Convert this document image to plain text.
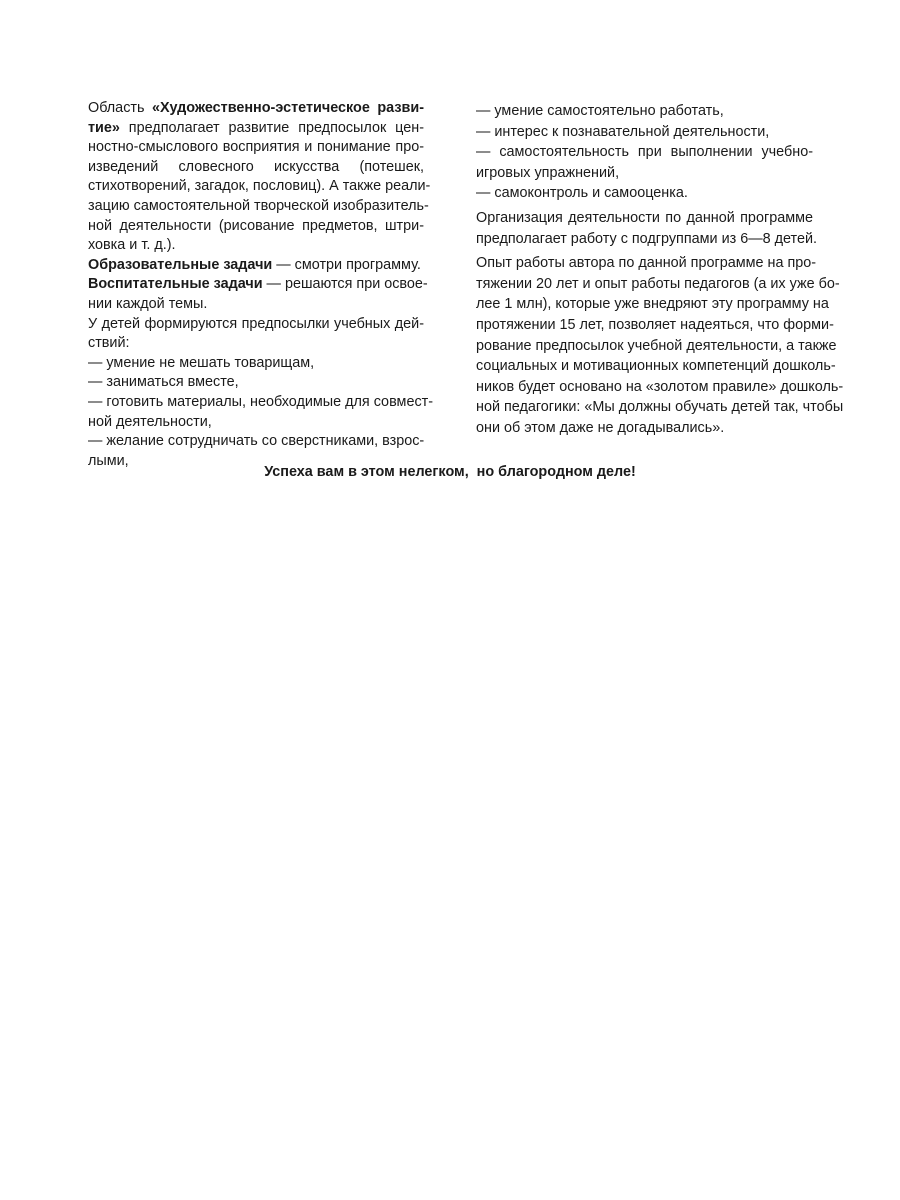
Область «Художественно-эстетическое разви-
тие» предполагает развитие предпосылок цен-
ностно-смыслового восприятия и понимание про-
изведений словесного искусства (потешек,
стихотворений, загадок, пословиц). А также реали-
зацию самостоятельной творческой изобразитель-
ной деятельности (рисование предметов, штри-
ховка и т. д.).
Образовательные задачи — смотри программу.
Воспитательные задачи — решаются при освое-
нии каждой темы.
У детей формируются предпосылки учебных дей-
ствий:
— умение не мешать товарищам,
— заниматься вместе,
— готовить материалы, необходимые для совмест-
ной деятельности,
— желание сотрудничать со сверстниками, взрос-
лыми,
— умение самостоятельно работать,
— интерес к познавательной деятельности,
— самостоятельность при выполнении учебно-
игровых упражнений,
— самоконтроль и самооценка.
Организация деятельности по данной программе
предполагает работу с подгруппами из 6—8 детей.
Опыт работы автора по данной программе на про-
тяжении 20 лет и опыт работы педагогов (а их уже бо-
лее 1 млн), которые уже внедряют эту программу на
протяжении 15 лет, позволяет надеяться, что форми-
рование предпосылок учебной деятельности, а также
социальных и мотивационных компетенций дошколь-
ников будет основано на «золотом правиле» дошколь-
ной педагогики: «Мы должны обучать детей так, чтобы
они об этом даже не догадывались».
Успеха вам в этом нелегком,  но благородном деле!
